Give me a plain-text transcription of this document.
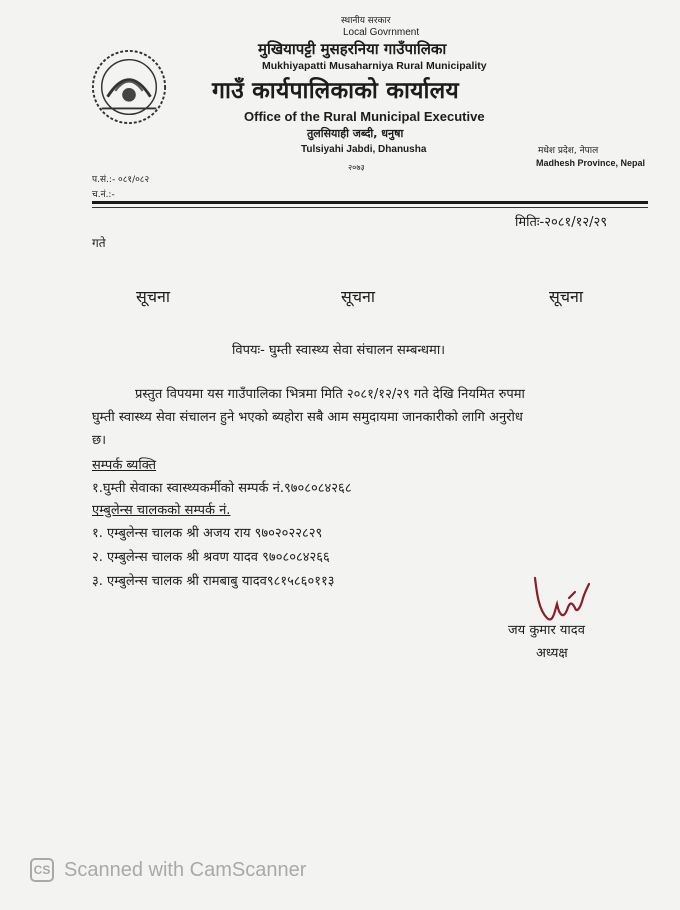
स्थानीय सरकार
Local Govrnment
मुखियापट्टी मुसहरनिया गाउँपालिका
Mukhiyapatti Musaharniya Rural Municipality
गाउँ कार्यपालिकाको कार्यालय
Office of the Rural Municipal Executive
तुलसियाही जब्दी, धनुषा
Tulsiyahi Jabdi, Dhanusha
२०७३
मधेश प्रदेश, नेपाल
Madhesh Province, Nepal
प.सं.:- ०८१/०८२
च.नं.:-
मितिः-२०८१/१२/२९
गते
सूचना	सूचना	सूचना
विपयः- घुम्ती स्वास्थ्य सेवा संचालन सम्बन्धमा।
प्रस्तुत विपयमा यस गाउँपालिका भित्रमा मिति २०८१/१२/२९ गते देखि नियमित रुपमा
घुम्ती स्वास्थ्य सेवा संचालन हुने भएको ब्यहोरा सबै आम समुदायमा जानकारीको लागि अनुरोध
छ।
सम्पर्क ब्यक्ति
१.घुम्ती सेवाका स्वास्थ्यकर्मीको सम्पर्क नं.९७०८०८४२६८
एम्बुलेन्स चालकको सम्पर्क नं.
१. एम्बुलेन्स चालक श्री अजय राय ९७०२०२२८२९
२. एम्बुलेन्स चालक श्री श्रवण यादव ९७०८०८४२६६
३. एम्बुलेन्स चालक श्री रामबाबु यादव९८१५८६०११३
जय कुमार यादव
अध्यक्ष
CS Scanned with CamScanner
